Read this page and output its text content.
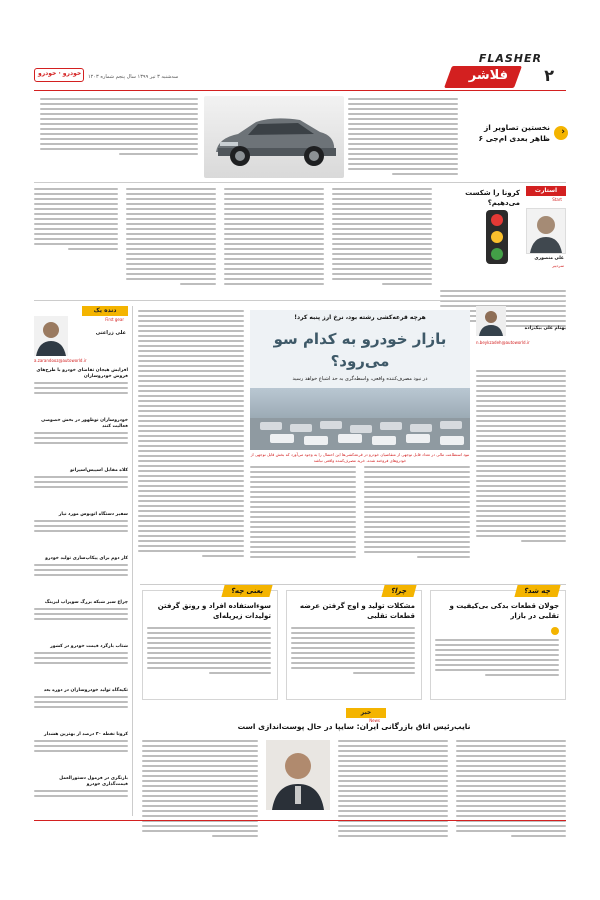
FLASHER
فلاشر ۲
سه‌شنبه ۳ تیر ۱۳۹۹ سال پنجم شماره ۱۲۰۳
خودرو · خودرو
‹
نخستین تصاویر از ظاهر بعدی ام‌جی ۶
استارت
Start
کرونا را شکست می‌دهیم؟
علی منصوری
سردبیر
دنده یک
First gear
علی زراعتی
a.zarandooz@autoworld.ir
افزایش هیجان تقاضای خودرو با طرح‌های فروش خودروسازان
خودروسازان نوظهور در بخش خصوصی فعالیت کنند
کلاه مقابل اسپیس‌اسپرانو
سفیر دستگاه اتوبوس مورد نیاز
کار دوم برای پیکاپ‌سازی تولید خودرو
چراغ سبز شبکه بزرگ سوپراپ لیزینگ
شتاب بازگرد قیمت خودرو در کشور
تکیه‌گاه تولید خودروسازان در دوره بعد
کرونا نقطه ۳۰ درصد از بهترین هشدار
بازنگری در فرمول دستور‌العمل قیمت‌گذاری خودرو
بهنام علی بیک‌زاده
n.beykzadeh@autoworld.ir
هرچه قرعه‌کشی رشته بود، نرخ ارز پنبه کرد!
بازار خودرو به کدام سو می‌رود؟
در نبود مصرف‌کننده واقعی، واسطه‌گری به حد اشباع خواهد رسید
نبود استطاعت مالی در تعداد قابل توجهی از متقاضیان خودرو در قرعه‌کشی‌ها این احتمال را به وجود می‌آورد که بخش قابل توجهی از خودروهای فروخته شده، خرید مصرف‌کننده واقعی نباشد
چه شد؟
جولان قطعات بدکی بی‌کیفیت و تقلبی در بازار
چرا؟
مشکلات تولید و اوج گرفتن عرضه قطعات تقلبی
یعنی چه؟
سوءاستفاده افراد و رونق گرفتن تولیدات زیرپله‌ای
خبر
News
نایب‌رئیس اتاق بازرگانی ایران: سایپا در حال پوست‌اندازی است
